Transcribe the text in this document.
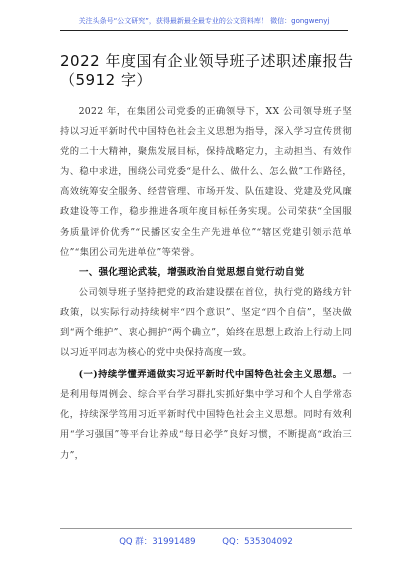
关注头条号“公文研究”，获得最新最全最专业的公文资料库！ 微信：gongwenyj
2022 年度国有企业领导班子述职述廉报告（5912 字）

2022 年，在集团公司党委的正确领导下，XX 公司领导班子坚持以习近平新时代中国特色社会主义思想为指导，深入学习宣传贯彻党的二十大精神，聚焦发展目标，保持战略定力，主动担当、有效作为、稳中求进，围绕公司党委“是什么、做什么、怎么做”工作路径，高效统筹安全服务、经营管理、市场开发、队伍建设、党建及党风廉政建设等工作，稳步推进各项年度目标任务实现。公司荣获“全国服务质量评价优秀”“民播区安全生产先进单位”“辖区党建引领示范单位”“集团公司先进单位”等荣誉。

一、强化理论武装，增强政治自觉思想自觉行动自觉

公司领导班子坚持把党的政治建设摆在首位，执行党的路线方针政策，以实际行动持续树牢“四个意识”、坚定“四个自信”，坚决做到“两个维护”、衷心拥护“两个确立”，始终在思想上政治上行动上同以习近平同志为核心的党中央保持高度一致。

(一)持续学懂弄通做实习近平新时代中国特色社会主义思想。一是利用每周例会、综合平台学习群扎实抓好集中学习和个人自学常态化，持续深学笃用习近平新时代中国特色社会主义思想。同时有效利用“学习强国”等平台让养成“每日必学”良好习惯，不断提高“政治三力”，

QQ 群：31991489	QQ：535304092
